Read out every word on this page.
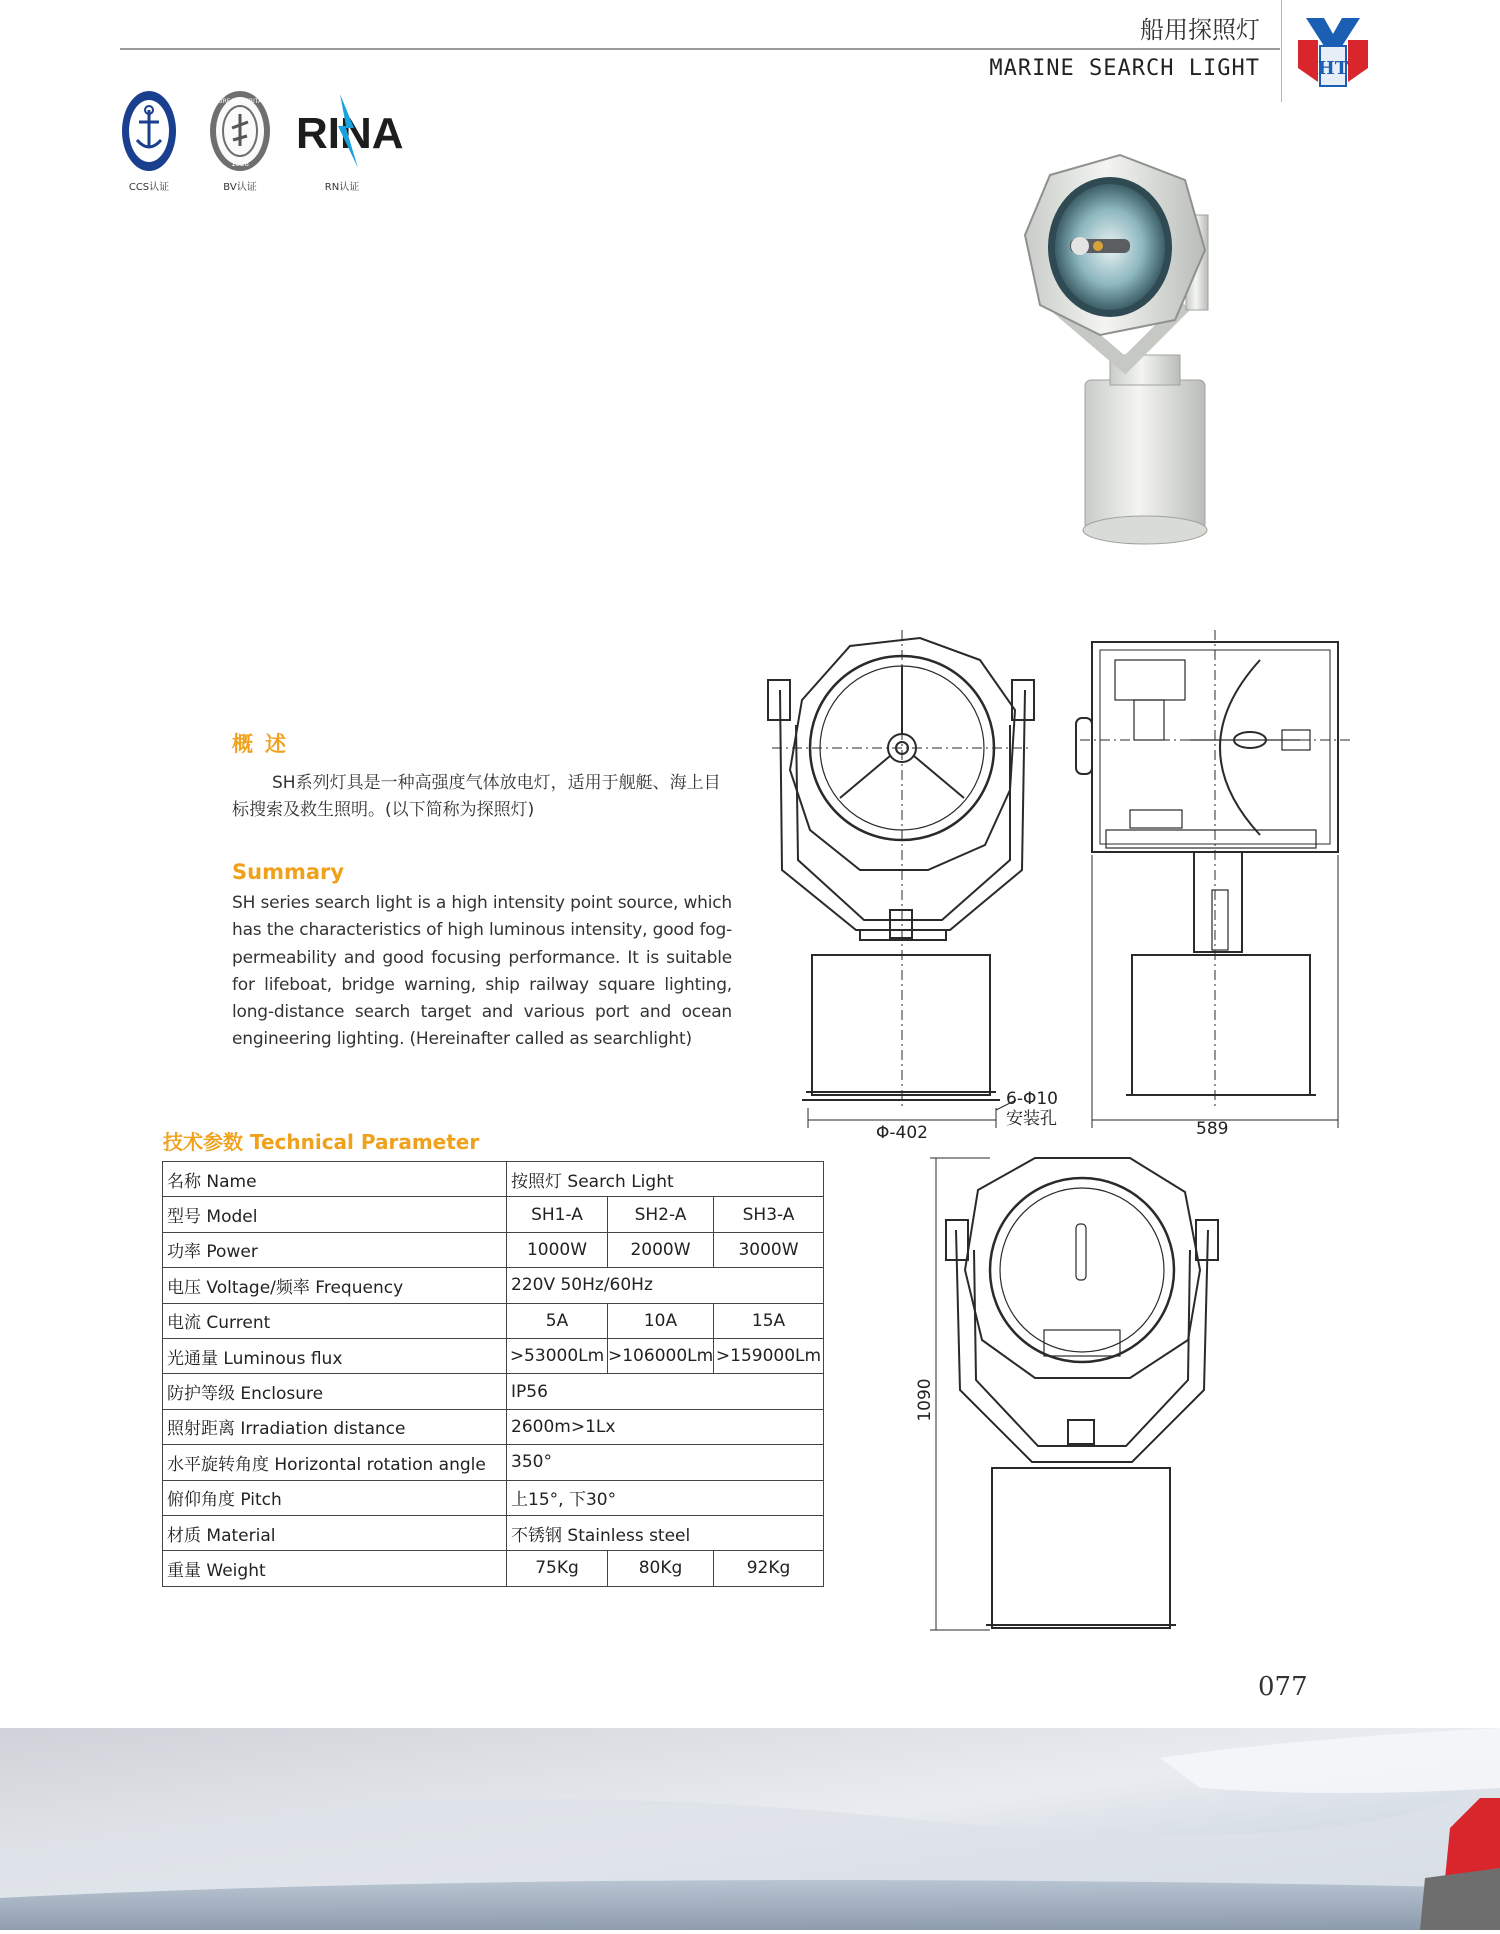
船用探照灯
MARINE SEARCH LIGHT	HT
CCS认证
BUREAU VERITAS
1828
BV认证
RINA
RN认证
概述
SH系列灯具是一种高强度气体放电灯，适用于舰艇、海上目标搜索及救生照明。(以下简称为探照灯)
Summary
SH series search light is a high intensity point source, which has the characteristics of high luminous intensity, good fog-permeability and good focusing performance. It is suitable for lifeboat, bridge warning, ship railway square lighting, long-distance search target and various port and ocean engineering lighting. (Hereinafter called as searchlight)
技术参数 Technical Parameter
名称 Name	按照灯 Search Light		
型号 Model	SH1-A	SH2-A	SH3-A
功率 Power	1000W	2000W	3000W
电压 Voltage/频率 Frequency	220V 50Hz/60Hz		
电流 Current	5A	10A	15A
光通量 Luminous flux	>53000Lm	>106000Lm	>159000Lm
防护等级 Enclosure	IP56		
照射距离 Irradiation distance	2600m>1Lx		
水平旋转角度 Horizontal rotation angle	350°		
俯仰角度 Pitch	上15°, 下30°		
材质 Material	不锈钢 Stainless steel		
重量 Weight	75Kg	80Kg	92Kg
Φ-402
6-Φ10
安装孔	589
1090
077
